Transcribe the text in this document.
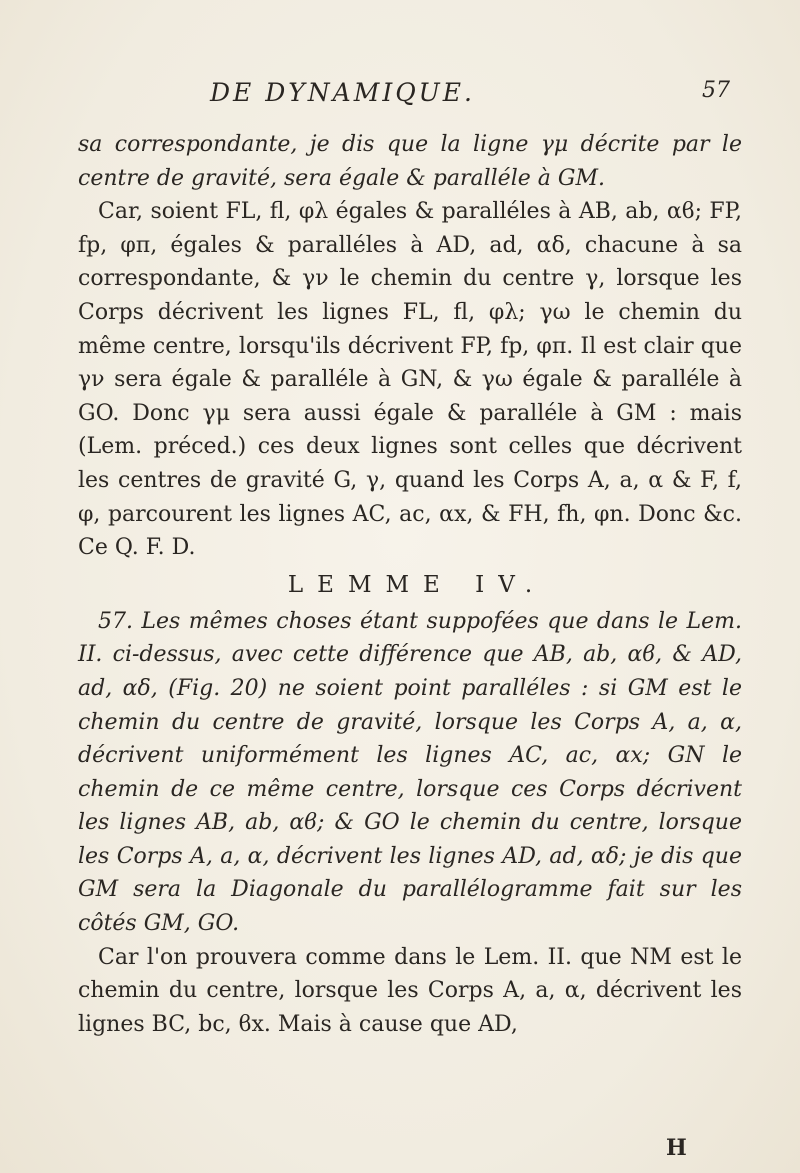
DE DYNAMIQUE.	57

sa correspondante, je dis que la ligne γμ décrite par le centre de gravité, sera égale & paralléle à GM.

Car, soient FL, fl, φλ égales & paralléles à AB, ab, αϐ; FP, fp, φπ, égales & paralléles à AD, ad, αδ, chacune à sa correspondante, & γν le chemin du centre γ, lorsque les Corps décrivent les lignes FL, fl, φλ; γω le chemin du même centre, lorsqu'ils décrivent FP, fp, φπ. Il est clair que γν sera égale & paralléle à GN, & γω égale & paralléle à GO. Donc γμ sera aussi égale & paralléle à GM : mais (Lem. préced.) ces deux lignes sont celles que décrivent les centres de gravité G, γ, quand les Corps A, a, α & F, f, φ, parcourent les lignes AC, ac, αx, & FH, fh, φn. Donc &c. Ce Q. F. D.

LEMME IV.

57. Les mêmes choses étant suppofées que dans le Lem. II. ci-dessus, avec cette différence que AB, ab, αϐ, & AD, ad, αδ, (Fig. 20) ne soient point paralléles : si GM est le chemin du centre de gravité, lorsque les Corps A, a, α, décrivent uniformément les lignes AC, ac, αx; GN le chemin de ce même centre, lorsque ces Corps décrivent les lignes AB, ab, αϐ; & GO le chemin du centre, lorsque les Corps A, a, α, décrivent les lignes AD, ad, αδ; je dis que GM sera la Diagonale du parallélogramme fait sur les côtés GM, GO.

Car l'on prouvera comme dans le Lem. II. que NM est le chemin du centre, lorsque les Corps A, a, α, décrivent les lignes BC, bc, ϐx. Mais à cause que AD,

H
